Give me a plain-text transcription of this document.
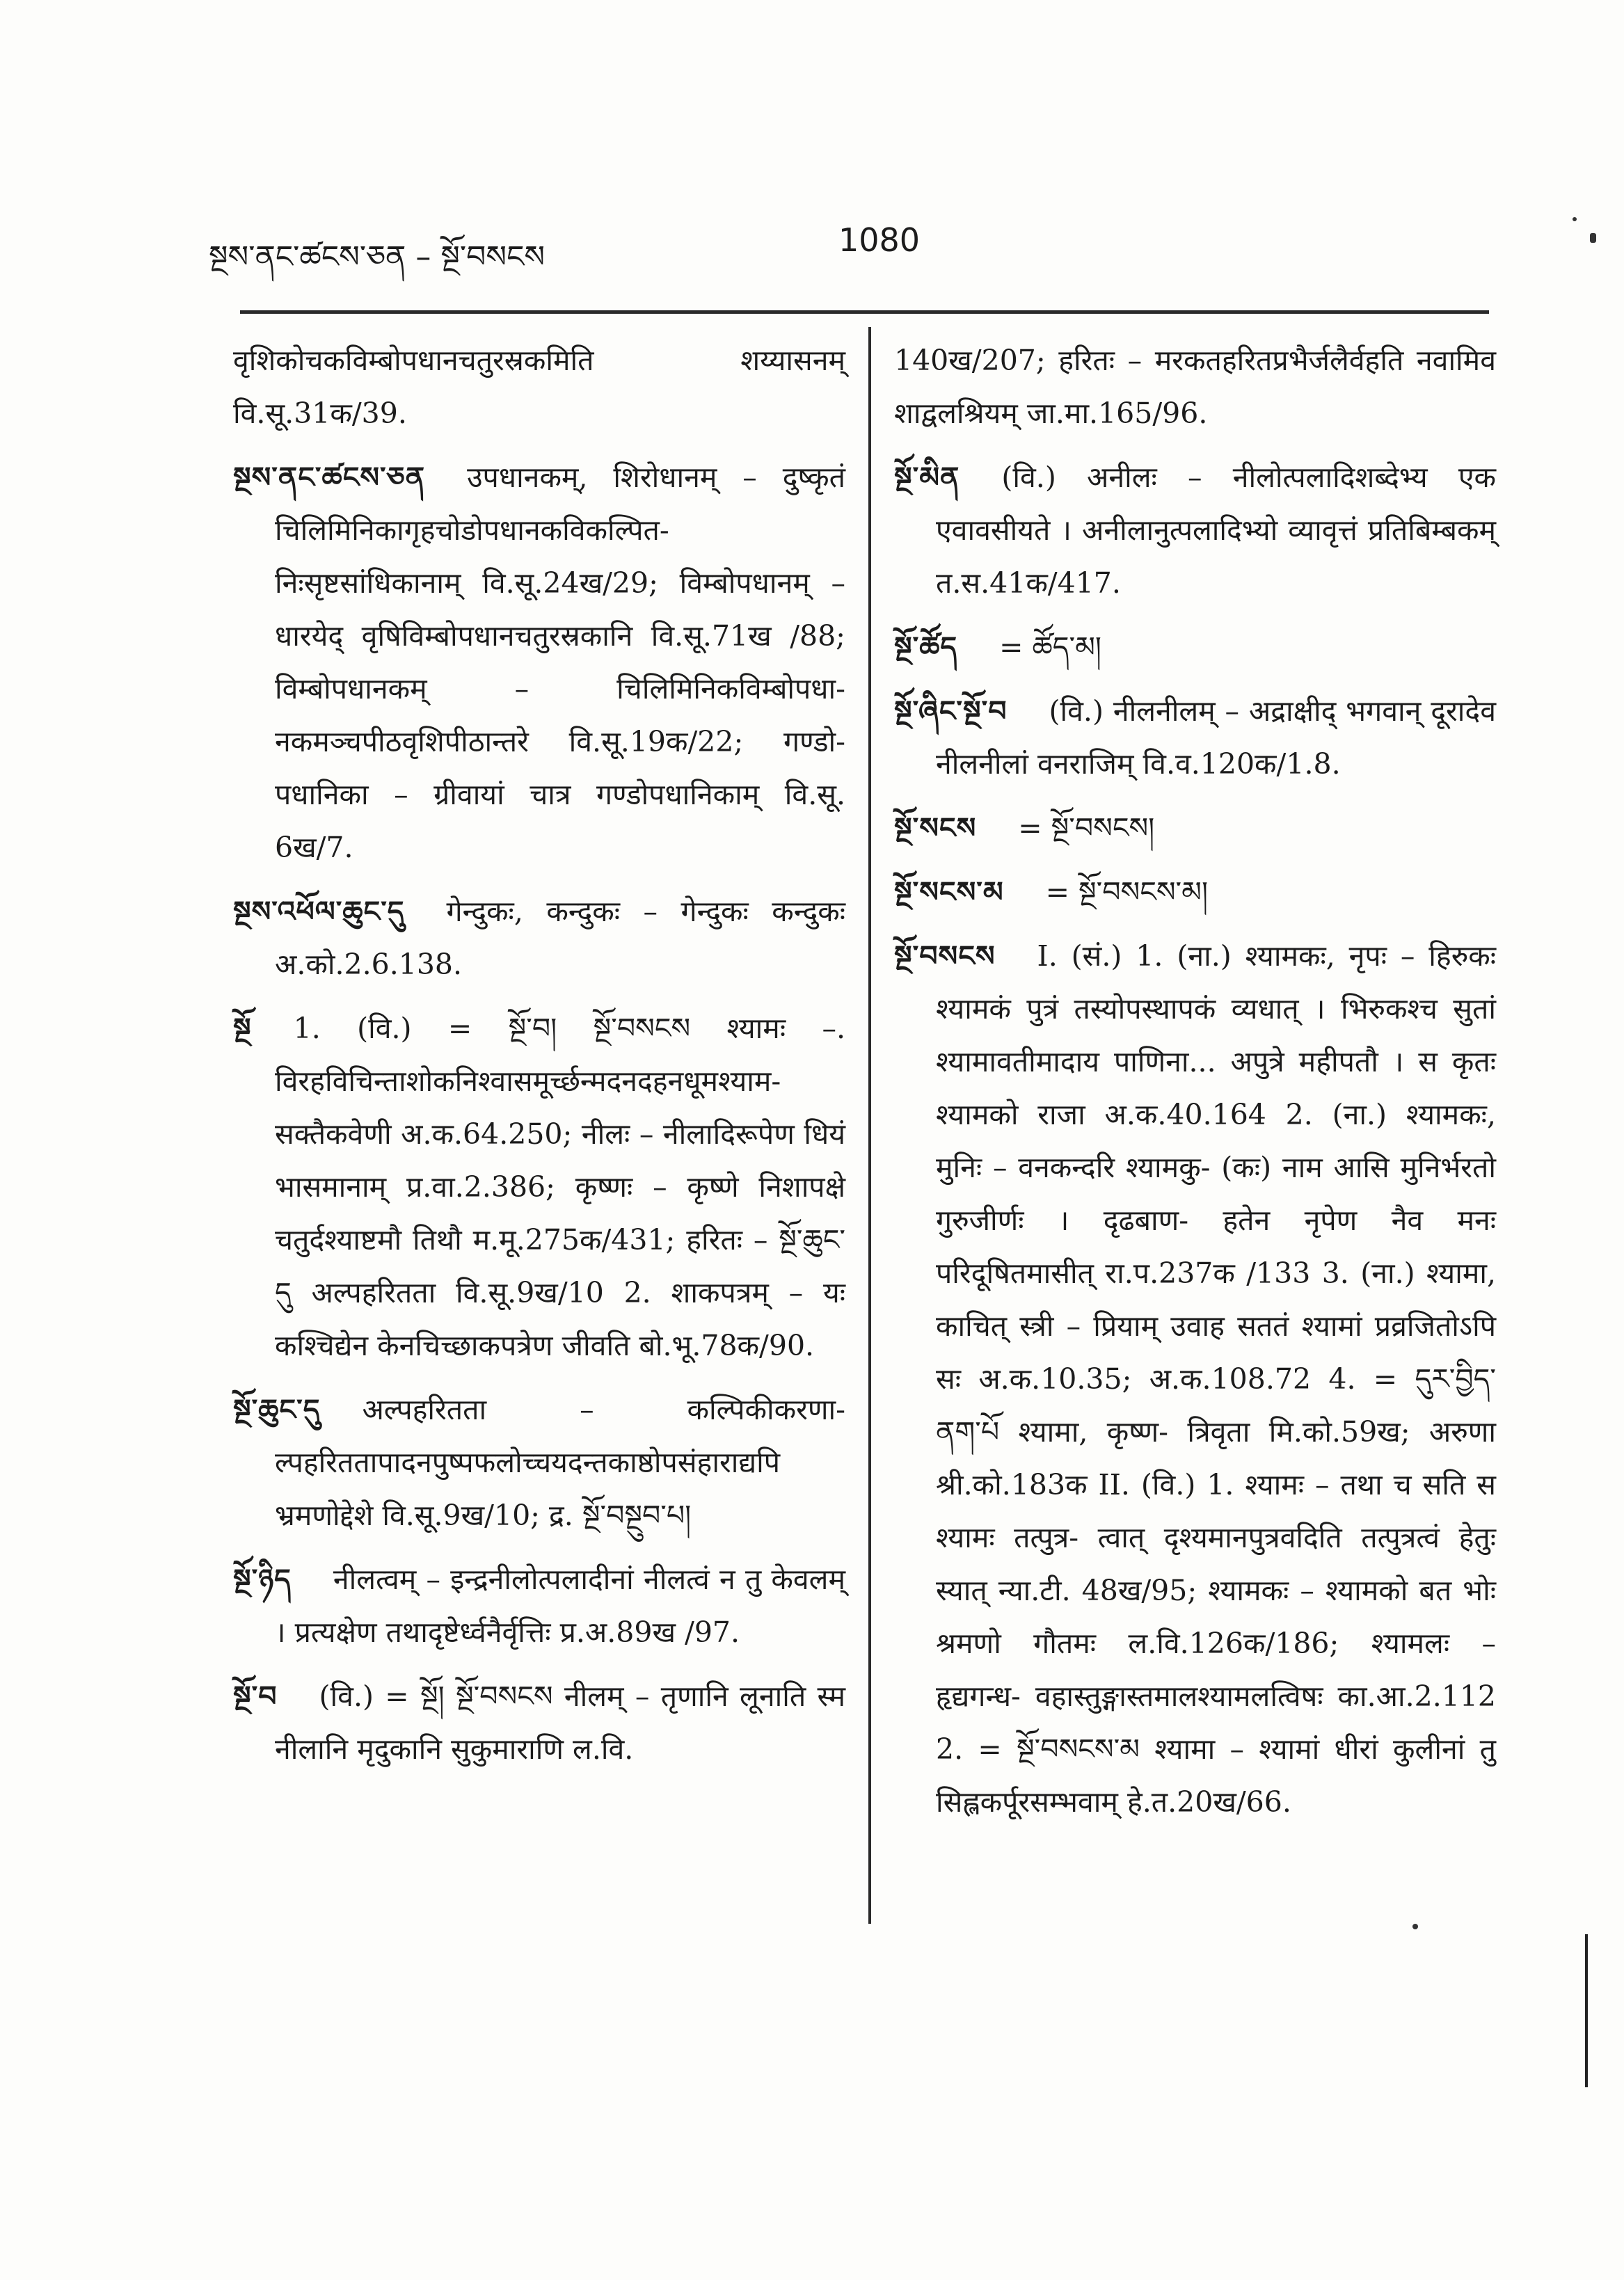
སྔས་ནང་ཚངས་ཅན – སྔོ་བསངས	1080

वृशिकोचकविम्बोपधानचतुरस्रकमिति शय्यासनम् वि.सू.31क/39.

སྔས་ནང་ཚངས་ཅན उपधानकम्, शिरोधानम् – दुष्कृतं चिलिमिनिकागृहचोडोपधानकविकल्पित- निःसृष्टसांधिकानाम् वि.सू.24ख/29; विम्बोपधानम् – धारयेद् वृषिविम्बोपधानचतुरस्रकानि वि.सू.71ख /88; विम्बोपधानकम् – चिलिमिनिकविम्बोपधा- नकमञ्चपीठवृशिपीठान्तरे वि.सू.19क/22; गण्डो- पधानिका – ग्रीवायां चात्र गण्डोपधानिकाम् वि.सू. 6ख/7.

སྔས་འཕོལ་ཆུང་དུ गेन्दुकः, कन्दुकः – गेन्दुकः कन्दुकः अ.को.2.6.138.

སྔོ 1. (वि.) = སྔོ་བ། སྔོ་བསངས श्यामः –. विरहविचिन्ताशोकनिश्वासमूर्च्छन्मदनदहनधूमश्याम- सक्तैकवेणी अ.क.64.250; नीलः – नीलादिरूपेण धियं भासमानाम् प्र.वा.2.386; कृष्णः – कृष्णे निशापक्षे चतुर्दश्याष्टमौ तिथौ म.मू.275क/431; हरितः – སྔོ་ཆུང་དུ अल्पहरितता वि.सू.9ख/10 2. शाकपत्रम् – यः कश्चिद्येन केनचिच्छाकपत्रेण जीवति बो.भू.78क/90.

སྔོ་ཆུང་དུ अल्पहरितता – कल्पिकीकरणा- ल्पहरिततापादनपुष्पफलोच्चयदन्तकाष्ठोपसंहाराद्यपि भ्रमणोद्देशे वि.सू.9ख/10; द्र. སྔོ་བསྔུབ་པ།

སྔོ་ཉིད नीलत्वम् – इन्द्रनीलोत्पलादीनां नीलत्वं न तु केवलम् । प्रत्यक्षेण तथादृष्टेर्ध्वनैर्वृत्तिः प्र.अ.89ख /97.

སྔོ་བ (वि.) = སྔོ། སྔོ་བསངས नीलम् – तृणानि लूनाति स्म नीलानि मृदुकानि सुकुमाराणि ल.वि.

140ख/207; हरितः – मरकतहरितप्रभैर्जलैर्वहति नवामिव शाद्वलश्रियम् जा.मा.165/96.

སྔོ་མིན (वि.) अनीलः – नीलोत्पलादिशब्देभ्य एक एवावसीयते । अनीलानुत्पलादिभ्यो व्यावृत्तं प्रतिबिम्बकम् त.स.41क/417.

སྔོ་ཚོད = ཚོད་མ།

སྔོ་ཞིང་སྔོ་བ (वि.) नीलनीलम् – अद्राक्षीद् भगवान् दूरादेव नीलनीलां वनराजिम् वि.व.120क/1.8.

སྔོ་སངས = སྔོ་བསངས།

སྔོ་སངས་མ = སྔོ་བསངས་མ།

སྔོ་བསངས I. (सं.) 1. (ना.) श्यामकः, नृपः – हिरुकः श्यामकं पुत्रं तस्योपस्थापकं व्यधात् । भिरुकश्च सुतां श्यामावतीमादाय पाणिना... अपुत्रे महीपतौ । स कृतः श्यामको राजा अ.क.40.164 2. (ना.) श्यामकः, मुनिः – वनकन्दरि श्यामकु- (कः) नाम आसि मुनिर्भरतो गुरुजीर्णः । दृढबाण- हतेन नृपेण नैव मनः परिदूषितमासीत् रा.प.237क /133 3. (ना.) श्यामा, काचित् स्त्री – प्रियाम् उवाह सततं श्यामां प्रव्रजितोऽपि सः अ.क.10.35; अ.क.108.72 4. = དུར་བྱིད་ནག་པོ श्यामा, कृष्ण- त्रिवृता मि.को.59ख; अरुणा श्री.को.183क II. (वि.) 1. श्यामः – तथा च सति स श्यामः तत्पुत्र- त्वात् दृश्यमानपुत्रवदिति तत्पुत्रत्वं हेतुः स्यात् न्या.टी. 48ख/95; श्यामकः – श्यामको बत भोः श्रमणो गौतमः ल.वि.126क/186; श्यामलः – हृद्यगन्ध- वहास्तुङ्गास्तमालश्यामलत्विषः का.आ.2.112 2. = སྔོ་བསངས་མ श्यामा – श्यामां धीरां कुलीनां तु सिह्लकर्पूरसम्भवाम् हे.त.20ख/66.
